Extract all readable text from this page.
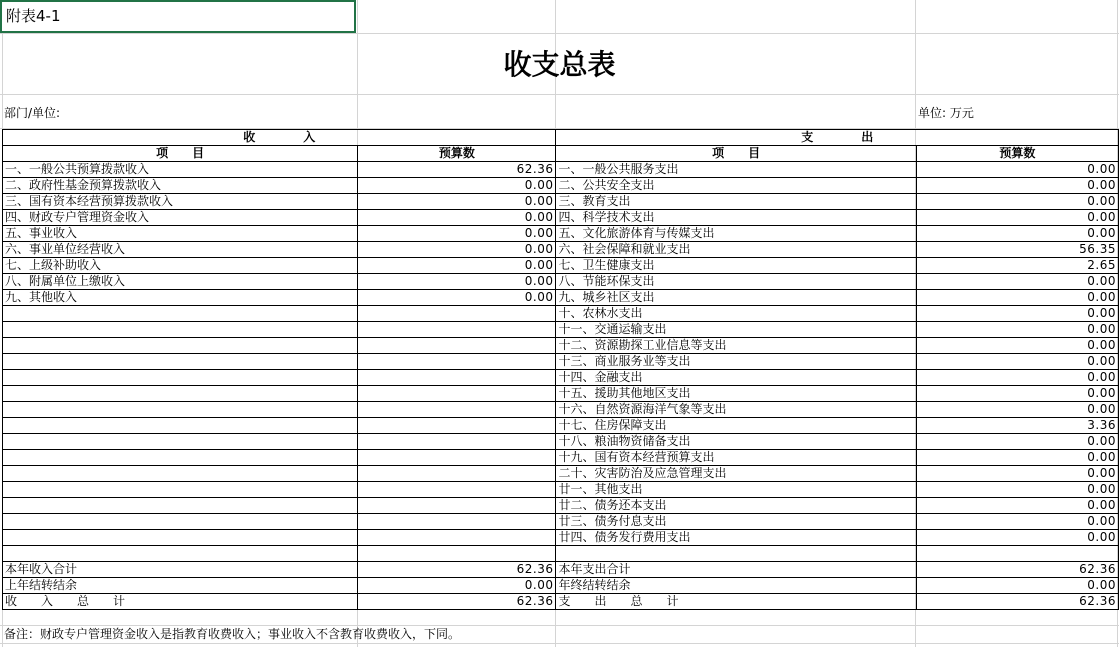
附表4-1
收支总表
部门/单位:	单位: 万元
收　　　　入		支　　　　出	
项　　目	预算数	项　　目	预算数
一、一般公共预算拨款收入	62.36	一、一般公共服务支出	0.00
二、政府性基金预算拨款收入	0.00	二、公共安全支出	0.00
三、国有资本经营预算拨款收入	0.00	三、教育支出	0.00
四、财政专户管理资金收入	0.00	四、科学技术支出	0.00
五、事业收入	0.00	五、文化旅游体育与传媒支出	0.00
六、事业单位经营收入	0.00	六、社会保障和就业支出	56.35
七、上级补助收入	0.00	七、卫生健康支出	2.65
八、附属单位上缴收入	0.00	八、节能环保支出	0.00
九、其他收入	0.00	九、城乡社区支出	0.00
		十、农林水支出	0.00
		十一、交通运输支出	0.00
		十二、资源勘探工业信息等支出	0.00
		十三、商业服务业等支出	0.00
		十四、金融支出	0.00
		十五、援助其他地区支出	0.00
		十六、自然资源海洋气象等支出	0.00
		十七、住房保障支出	3.36
		十八、粮油物资储备支出	0.00
		十九、国有资本经营预算支出	0.00
		二十、灾害防治及应急管理支出	0.00
		廿一、其他支出	0.00
		廿二、债务还本支出	0.00
		廿三、债务付息支出	0.00
		廿四、债务发行费用支出	0.00

本年收入合计	62.36	本年支出合计	62.36
上年结转结余	0.00	年终结转结余	0.00
收　　入　　总　　计	62.36	支　　出　　总　　计	62.36
备注：财政专户管理资金收入是指教育收费收入；事业收入不含教育收费收入，下同。
